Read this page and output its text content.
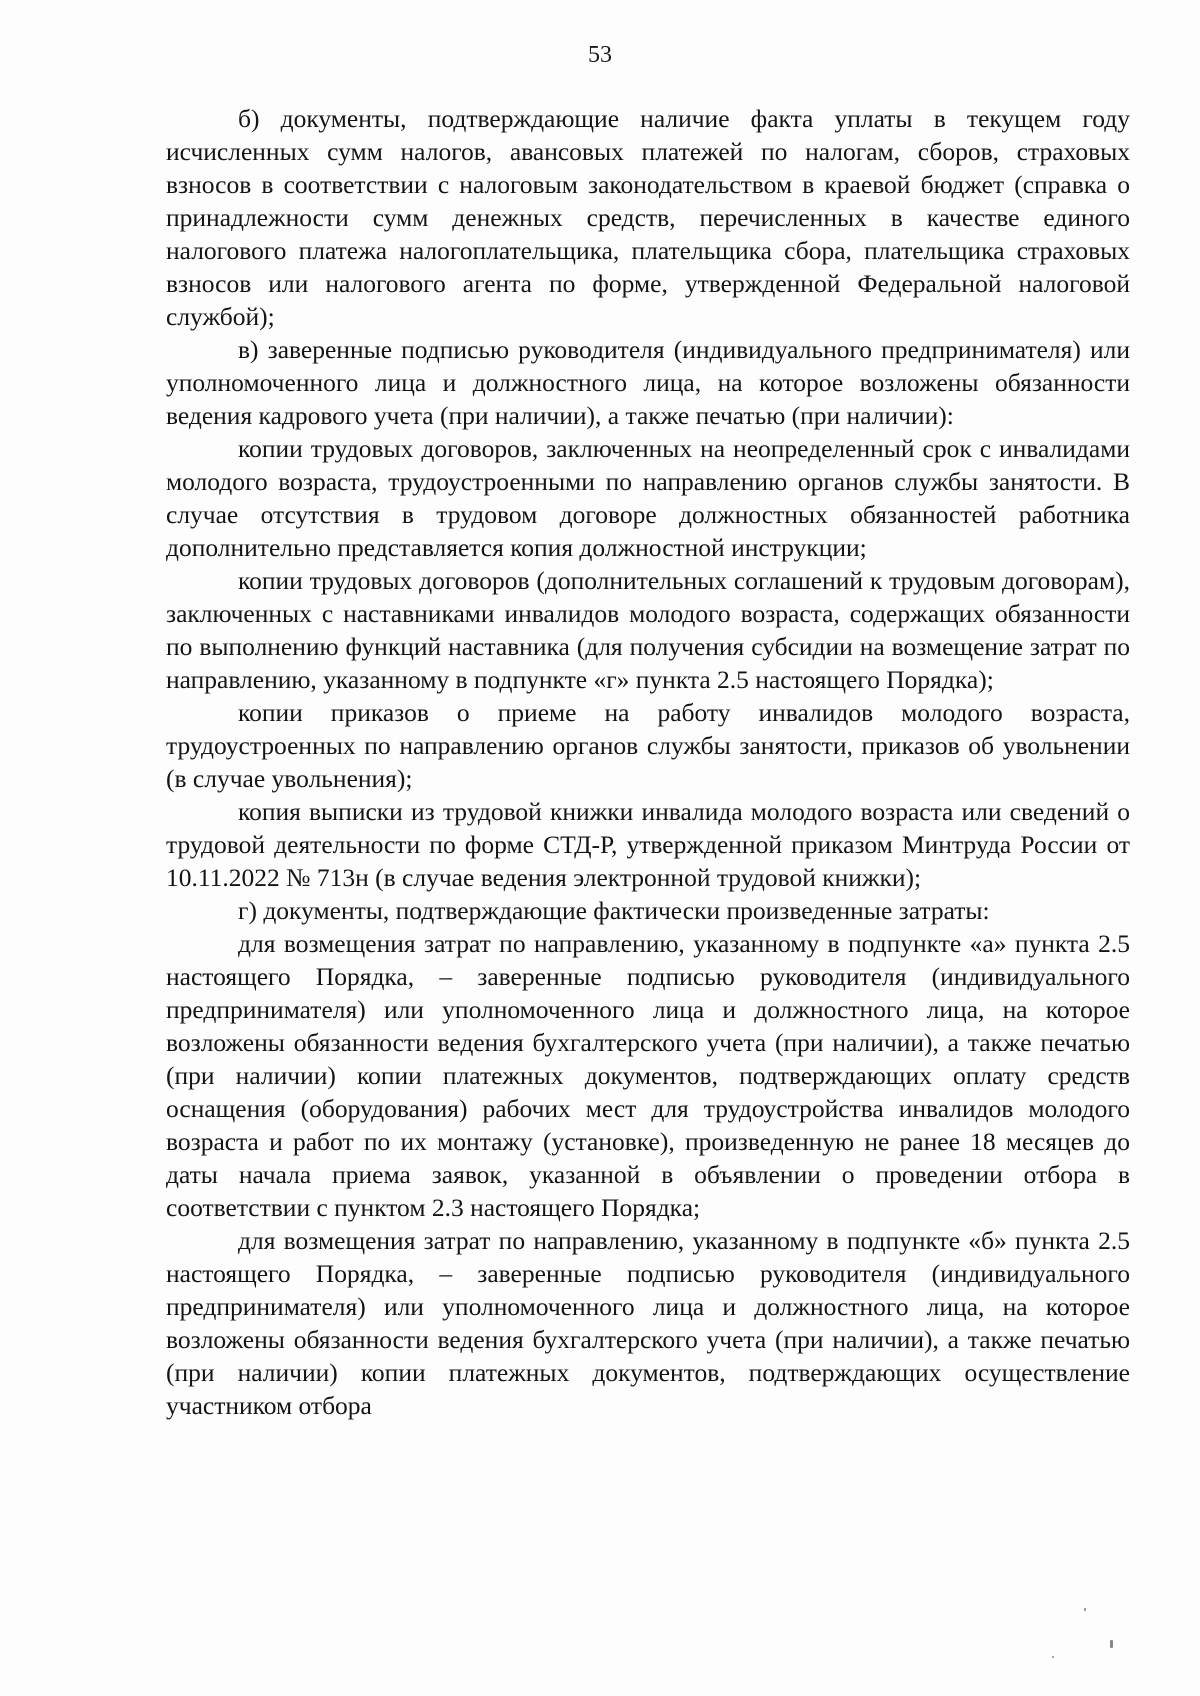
53

б) документы, подтверждающие наличие факта уплаты в текущем году исчисленных сумм налогов, авансовых платежей по налогам, сборов, страховых взносов в соответствии с налоговым законодательством в краевой бюджет (справка о принадлежности сумм денежных средств, перечисленных в качестве единого налогового платежа налогоплательщика, плательщика сбора, плательщика страховых взносов или налогового агента по форме, утвержденной Федеральной налоговой службой);

в) заверенные подписью руководителя (индивидуального предпринимателя) или уполномоченного лица и должностного лица, на которое возложены обязанности ведения кадрового учета (при наличии), а также печатью (при наличии):

копии трудовых договоров, заключенных на неопределенный срок с инвалидами молодого возраста, трудоустроенными по направлению органов службы занятости. В случае отсутствия в трудовом договоре должностных обязанностей работника дополнительно представляется копия должностной инструкции;

копии трудовых договоров (дополнительных соглашений к трудовым договорам), заключенных с наставниками инвалидов молодого возраста, содержащих обязанности по выполнению функций наставника (для получения субсидии на возмещение затрат по направлению, указанному в подпункте «г» пункта 2.5 настоящего Порядка);

копии приказов о приеме на работу инвалидов молодого возраста, трудоустроенных по направлению органов службы занятости, приказов об увольнении (в случае увольнения);

копия выписки из трудовой книжки инвалида молодого возраста или сведений о трудовой деятельности по форме СТД-Р, утвержденной приказом Минтруда России от 10.11.2022 № 713н (в случае ведения электронной трудовой книжки);

г) документы, подтверждающие фактически произведенные затраты:

для возмещения затрат по направлению, указанному в подпункте «а» пункта 2.5 настоящего Порядка, – заверенные подписью руководителя (индивидуального предпринимателя) или уполномоченного лица и должностного лица, на которое возложены обязанности ведения бухгалтерского учета (при наличии), а также печатью (при наличии) копии платежных документов, подтверждающих оплату средств оснащения (оборудования) рабочих мест для трудоустройства инвалидов молодого возраста и работ по их монтажу (установке), произведенную не ранее 18 месяцев до даты начала приема заявок, указанной в объявлении о проведении отбора в соответствии с пунктом 2.3 настоящего Порядка;

для возмещения затрат по направлению, указанному в подпункте «б» пункта 2.5 настоящего Порядка, – заверенные подписью руководителя (индивидуального предпринимателя) или уполномоченного лица и должностного лица, на которое возложены обязанности ведения бухгалтерского учета (при наличии), а также печатью (при наличии) копии платежных документов, подтверждающих осуществление участником отбора
